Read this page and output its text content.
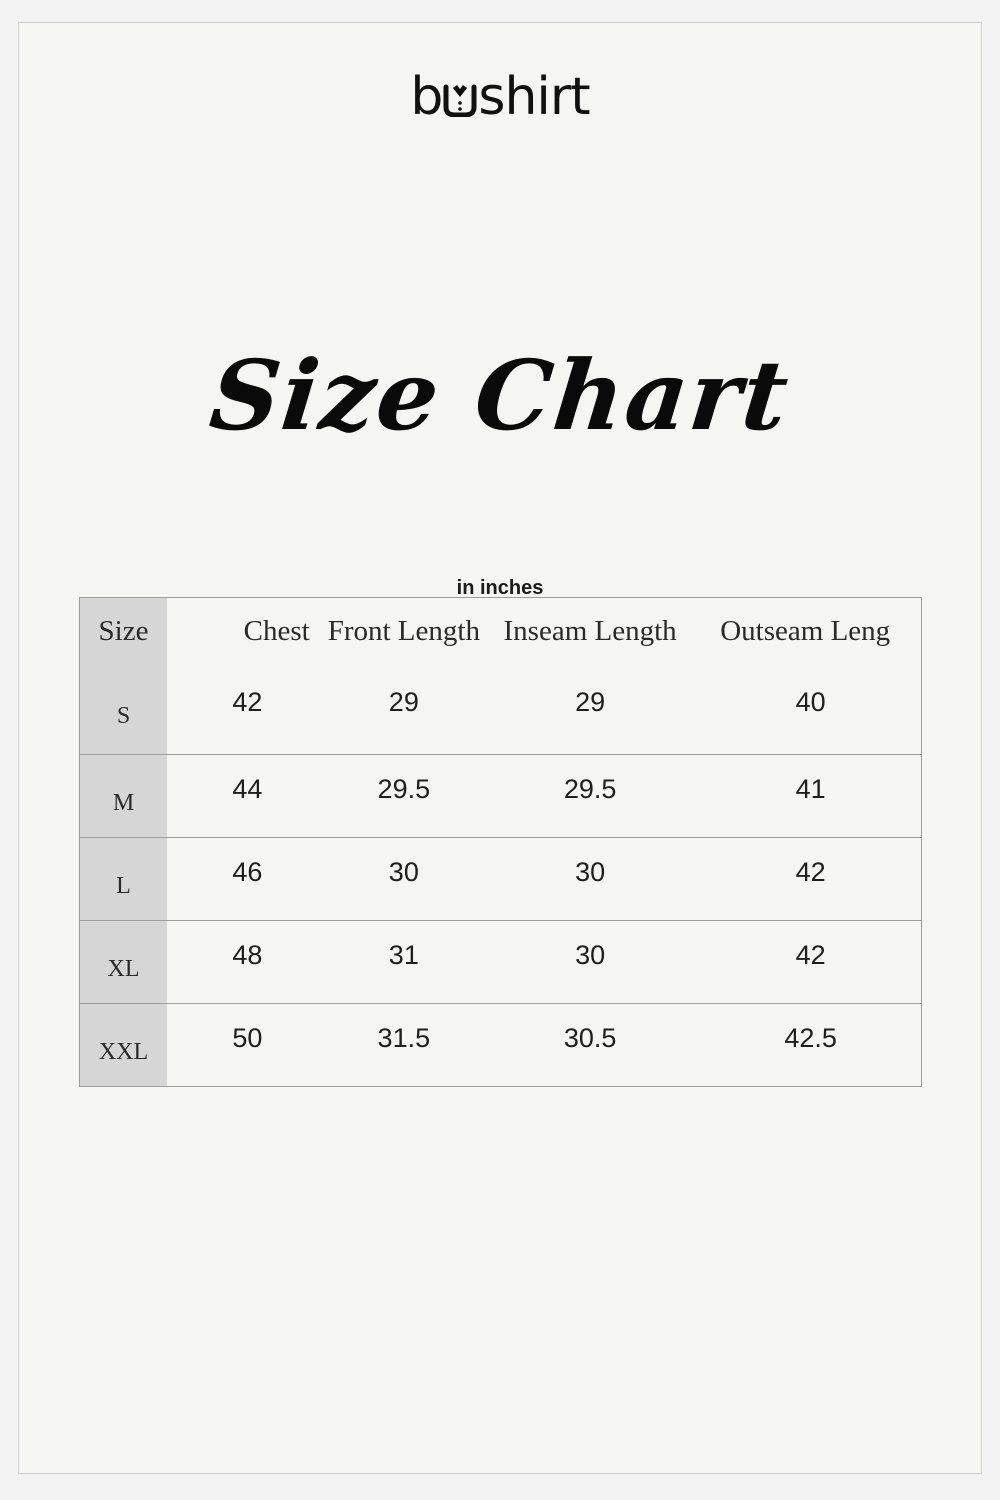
b shirt
Size Chart
in inches
Size	Chest	Front Length	Inseam Length	Outseam Leng
S	42	29	29	40
M	44	29.5	29.5	41
L	46	30	30	42
XL	48	31	30	42
XXL	50	31.5	30.5	42.5
